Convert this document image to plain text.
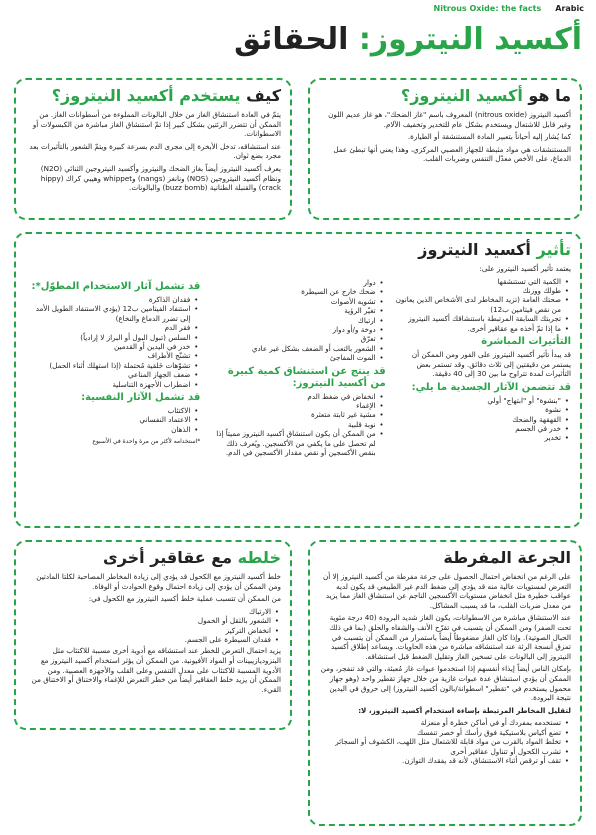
Nitrous Oxide: the facts Arabic
أكسيد النيتروز: الحقائق
ما هو أكسيد النيتروز؟

أكسيد النيتروز (nitrous oxide) المعروف باسم "غاز الضحك"، هو غاز عديم اللون وغير قابل للاشتعال ويستخدم بشكل عام للتخدير وتخفيف الآلام.

كما يُشار إليه أحياناً بتعبير المادة المستنشقة أو الطيارة.

المستنشقات هي مواد مثبطة للجهاز العصبي المركزي، وهذا يعني أنها تبطئ عمل الدماغ، على الأخص معدّل التنفس وضربات القلب.

كيف يستخدم أكسيد النيتروز؟

يتمّ في العادة استنشاق الغاز من خلال البالونات المملوءة من أسطوانات الغاز. من الممكن أن تتضرر الرئتين بشكل كبير إذا تمّ استنشاق الغاز مباشرة من الكبسولات أو الاسطوانات.

عند استنشاقه، تدخل الأبخرة إلى مجرى الدم بسرعة كبيرة ويتمّ الشعور بالتأثيرات بعد مجرد بضع ثوان.

يعرف أكسيد النيتروز أيضاً بغاز الضحك والنيتروز وأكسيد النيتروجين الثنائي (N2O) ونظام أكسيد النيتروجين (NOS) ونانغز (nangs) وwhippet وهيبي كراك (hippy crack) والقنبلة الطنانية (buzz bomb) والبالونات.

تأثير أكسيد النيتروز

يعتمد تأثير أكسيد النيتروز على:

• الكمية التي تستنشقها
• طولك ووزنك
• صحتك العامة (تزيد المخاطر لدى الأشخاص الذين يعانون من نقص فيتامين ب12)
• تجربتك السابقة المرتبطة باستنشاقك أكسيد النيتروز
• ما إذا تمّ أخذه مع عقاقير أخرى.
التأثيرات المباشرة

قد يبدأ تأثير أكسيد النيتروز على الفور ومن الممكن أن يستمر من دقيقتين إلى ثلاث دقائق. وقد تستمر بعض التأثيرات لمدة تتراوح ما بين 30 إلى 40 دقيقة.

قد تتضمن الآثار الجسدية ما يلي:
• "بنشوة" أو "ابتهاج" أولي
• نشوة
• القهقهة والضحك
• خدر في الجسم
• تخدير
• دوار
• ضحك خارج عن السيطرة
• تشويه الأصوات
• تغيّر الرؤية
• ارتباك
• دوخة و/أو دوار
• تعرّق
• الشعور بالتعب أو الضعف بشكل غير عادي
• الموت المفاجئ
قد ينتج عن استنشاق كمية كبيرة من أكسيد النيتروز:
• انخفاض في ضغط الدم
• الإغماء
• مشية غير ثابتة متعثرة
• نوبة قلبية
• من الممكن أن يكون استنشاق أكسيد النيتروز مميتاً إذا لم تحصل على ما يكفي من الأكسجين. ويُعرف ذلك بنقص الأكسجين أو نقص مقدار الأكسجين في الدم.
قد تشمل آثار الاستخدام المطوّل*:
• فقدان الذاكرة
• استنفاد الفيتامين ب12 (يؤدي الاستنفاد الطويل الأمد إلى تضرر الدماغ والنخاع)
• فقر الدم
• السلس (تبول البول أو البراز لا إرادياً)
• خدر في اليدين أو القدمين
• تشنّج الأطراف
• تشوّهات خَلقية مُحتملة (إذا استهلك أثناء الحمل)
• ضعف الجهاز المناعي
• اضطراب الأجهزة التناسلية
قد تشمل الآثار النفسية:
• الاكتئاب
• الاعتماد النفساني
• الذهان

*استخدامه لأكثر من مرة واحدة في الأسبوع

خلطه مع عقاقير أخرى

خلط أكسيد النيتروز مع الكحول قد يؤدي إلى زيادة المخاطر المصاحبة لكلتا المادتين ومن الممكن أن يؤدي إلى زيادة احتمال وقوع الحوادث أو الوفاة.

من الممكن أن تتسبب عملية خلط أكسيد النيتروز مع الكحول في:

• الارتباك
• الشعور بالثقل أو الخمول
• انخفاض التركيز
• فقدان السيطرة على الجسم.

يزيد احتمال التعرض للخطر عند استنشاقه مع أدوية أخرى مسببة للاكتئاب مثل البنزوديازيبينات أو المواد الأفيونية. من الممكن أن يؤثر استخدام أكسيد النيتروز مع الأدوية المسببة للاكتئاب على معدل التنفس وعلى القلب والأجهزة العصبية. ومن الممكن أن يزيد خلط العقاقير أيضاً من خطر التعرض للإغماء والاختناق أو الاختناق من القيء.

الجرعة المفرطة

على الرغم من انخفاض احتمال الحصول على جرعة مفرطة من أكسيد النيتروز إلا أن التعرض لمستويات عالية منه قد يؤدي إلى ضغط الدم غير الطبيعي قد يكون لديه عواقب خطيرة مثل انخفاض مستويات الأكسجين الناجم عن استنشاق الغاز مما يزيد من معدل ضربات القلب، ما قد يسبب المشاكل.

عند الاستنشاق مباشرة من الاسطوانات، يكون الغاز شديد البرودة (40 درجة مئوية تحت الصفر) ومن الممكن أن يتسبب في تقرّح الأنف والشفاه والحلق (بما في ذلك الحبال الصوتية). وإذا كان الغاز مضغوطاً أيضاً باستمرار من الممكن أن يتسبب في تمزق أنسجة الرئة عند استنشاقه مباشرة من هذه الحاويات. ويساعد إطلاق أكسيد النيتروز إلى البالونات على تسخين الغاز وتقليل الضغط قبل استنشاقه.

بإمكان الناس أيضاً إيذاء أنفسهم إذا استخدموا عبوات غاز مُعبئة، والتي قد تنفجر، ومن الممكن أن يؤدي استنشاق عدة عبوات غازية من خلال جهاز تقطير واحد (وهو جهاز محمول يستخدم في "تقطير" اسطوانة/بالون أكسيد النيتروز) إلى حروق في اليدين نتيجة البرودة.

لتقليل المخاطر المرتبطة بإساءة استخدام أكسيد النيتروز، لا:

• تستخدمه بمفردك أو في أماكن خطرة أو منعزلة
• تضع أكياس بلاستيكية فوق رأسك أو خصر تنفسك
• تخلط المواد بالقرب من مواد قابلة للاشتعال مثل اللهب، الكشوف أو السجائر
• تشرب الكحول أو تتناول عقاقير أخرى
• تقف أو ترقص أثناء الاستنشاق، لأنه قد يفقدك التوازن.
